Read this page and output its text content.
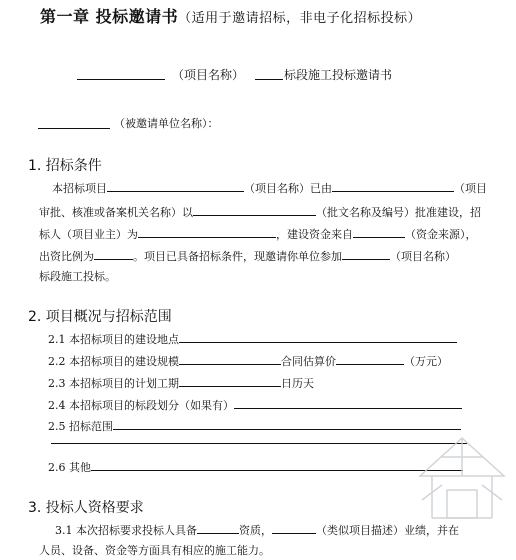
第一章 投标邀请书（适用于邀请招标，非电子化招标投标）
（项目名称）	标段施工投标邀请书
（被邀请单位名称）：
1. 招标条件
本招标项目	（项目名称）已由	（项目
审批、核准或备案机关名称）以	（批文名称及编号）批准建设，招
标人（项目业主）为	，建设资金来自	（资金来源），
出资比例为	。项目已具备招标条件，现邀请你单位参加	（项目名称）
标段施工投标。
2. 项目概况与招标范围
2.1 本招标项目的建设地点
2.2 本招标项目的建设规模	合同估算价	（万元）
2.3 本招标项目的计划工期	日历天
2.4 本招标项目的标段划分（如果有）
2.5 招标范围
2.6 其他
3. 投标人资格要求
3.1 本次招标要求投标人具备	资质，	（类似项目描述）业绩，并在
人员、设备、资金等方面具有相应的施工能力。
